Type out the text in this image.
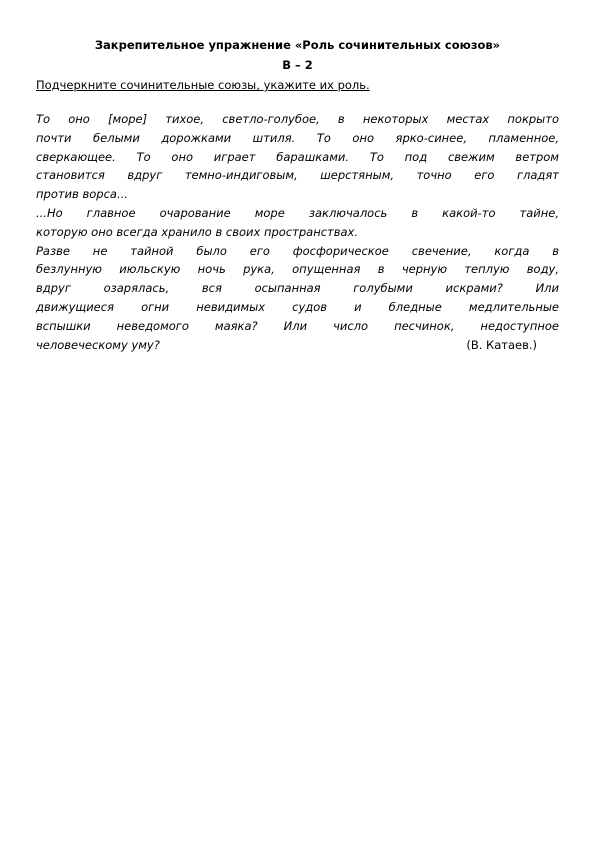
Закрепительное упражнение «Роль сочинительных союзов»
В – 2
Подчеркните сочинительные союзы, укажите их роль.
То оно [море] тихое, светло-голубое, в некоторых местах покрыто
почти белыми дорожками штиля. То оно ярко-синее, пламенное,
сверкающее. То оно играет барашками. То под свежим ветром
становится вдруг темно-индиговым, шерстяным, точно его гладят
против ворса...
...Но главное очарование море заключалось в какой-то тайне,
которую оно всегда хранило в своих пространствах.
Разве не тайной было его фосфорическое свечение, когда в
безлунную июльскую ночь рука, опущенная в черную теплую воду,
вдруг озарялась, вся осыпанная голубыми искрами? Или
движущиеся огни невидимых судов и бледные медлительные
вспышки неведомого маяка? Или число песчинок, недоступное
человеческому уму?	(В. Катаев.)
